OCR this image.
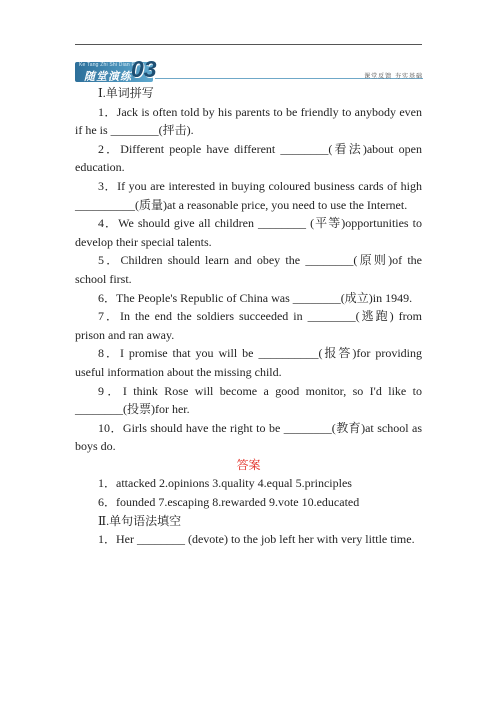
Ke Tang Zhi Shi Dian Ping
随堂演练 03	课堂反馈 夯实基础

Ⅰ.单词拼写

1．Jack is often told by his parents to be friendly to anybody even if he is ________(抨击).

2．Different people have different ________(看法)about open education.

3．If you are interested in buying coloured business cards of high __________(质量)at a reasonable price, you need to use the Internet.

4．We should give all children ________ (平等)opportunities to develop their special talents.

5．Children should learn and obey the ________(原则)of the school first.

6．The People's Republic of China was ________(成立)in 1949.

7．In the end the soldiers succeeded in ________(逃跑) from prison and ran away.

8．I promise that you will be __________(报答)for providing useful information about the missing child.

9．I think Rose will become a good monitor, so I'd like to ________(投票)for her.

10．Girls should have the right to be ________(教育)at school as boys do.

答案

1．attacked 2.opinions 3.quality 4.equal 5.principles

6．founded 7.escaping 8.rewarded 9.vote 10.educated

Ⅱ.单句语法填空

1．Her ________ (devote) to the job left her with very little time.
